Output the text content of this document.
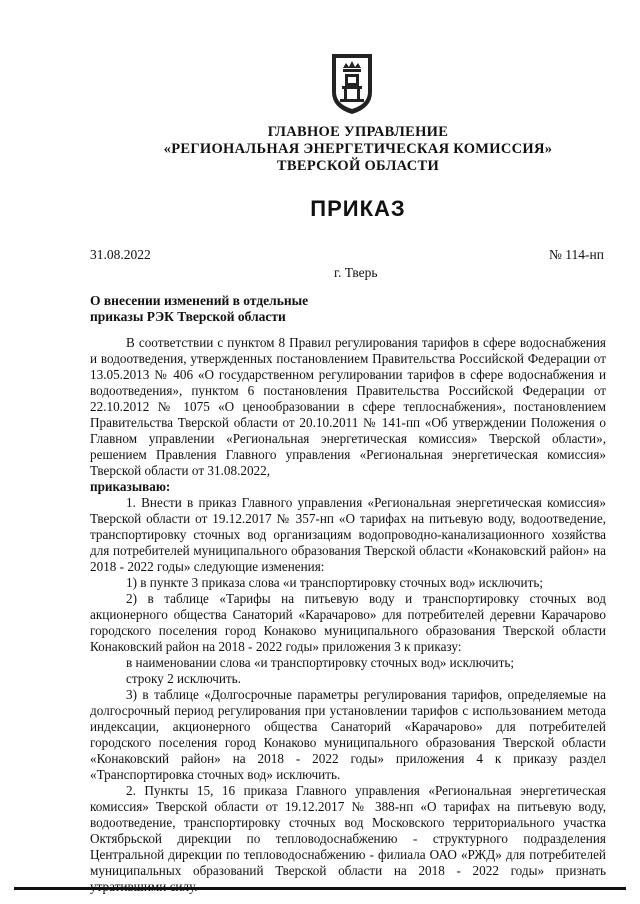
ГЛАВНОЕ УПРАВЛЕНИЕ
«РЕГИОНАЛЬНАЯ ЭНЕРГЕТИЧЕСКАЯ КОМИССИЯ»
ТВЕРСКОЙ ОБЛАСТИ
ПРИКАЗ
31.08.2022	№ 114-нп
г. Тверь
О внесении изменений в отдельные
приказы РЭК Тверской области

В соответствии с пунктом 8 Правил регулирования тарифов в сфере водоснабжения и водоотведения, утвержденных постановлением Правительства Российской Федерации от 13.05.2013 № 406 «О государственном регулировании тарифов в сфере водоснабжения и водоотведения», пунктом 6 постановления Правительства Российской Федерации от 22.10.2012 № 1075 «О ценообразовании в сфере теплоснабжения», постановлением Правительства Тверской области от 20.10.2011 № 141-пп «Об утверждении Положения о Главном управлении «Региональная энергетическая комиссия» Тверской области», решением Правления Главного управления «Региональная энергетическая комиссия» Тверской области от 31.08.2022,

приказываю:

1. Внести в приказ Главного управления «Региональная энергетическая комиссия» Тверской области от 19.12.2017 № 357-нп «О тарифах на питьевую воду, водоотведение, транспортировку сточных вод организациям водопроводно-канализационного хозяйства для потребителей муниципального образования Тверской области «Конаковский район» на 2018 - 2022 годы» следующие изменения:

1) в пункте 3 приказа слова «и транспортировку сточных вод» исключить;

2) в таблице «Тарифы на питьевую воду и транспортировку сточных вод акционерного общества Санаторий «Карачарово» для потребителей деревни Карачарово городского поселения город Конаково муниципального образования Тверской области Конаковский район на 2018 - 2022 годы» приложения 3 к приказу:

в наименовании слова «и транспортировку сточных вод» исключить;

строку 2 исключить.

3) в таблице «Долгосрочные параметры регулирования тарифов, определяемые на долгосрочный период регулирования при установлении тарифов с использованием метода индексации, акционерного общества Санаторий «Карачарово» для потребителей городского поселения город Конаково муниципального образования Тверской области «Конаковский район» на 2018 - 2022 годы» приложения 4 к приказу раздел «Транспортировка сточных вод» исключить.

2. Пункты 15, 16 приказа Главного управления «Региональная энергетическая комиссия» Тверской области от 19.12.2017 № 388-нп «О тарифах на питьевую воду, водоотведение, транспортировку сточных вод Московского территориального участка Октябрьской дирекции по тепловодоснабжению - структурного подразделения Центральной дирекции по тепловодоснабжению - филиала ОАО «РЖД» для потребителей муниципальных образований Тверской области на 2018 - 2022 годы» признать
